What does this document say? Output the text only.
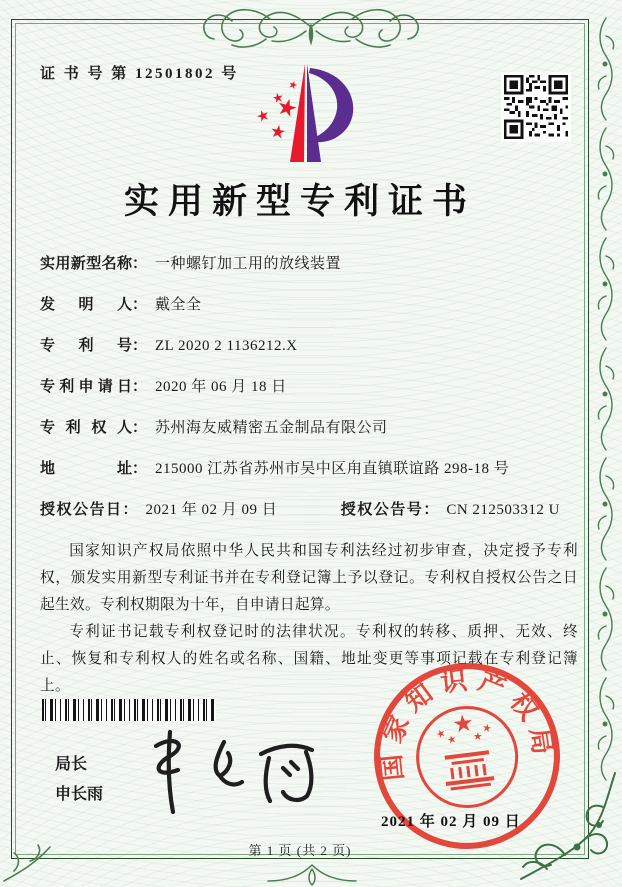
证 书 号 第 12501802 号
实用新型专利证书
实用新型名称： 一种螺钉加工用的放线装置
发明人： 戴全全
专利号： ZL 2020 2 1136212.X
专利申请日： 2020 年 06 月 18 日
专利权人： 苏州海友威精密五金制品有限公司
地址： 215000 江苏省苏州市吴中区甪直镇联谊路 298-18 号
授权公告日： 2021 年 02 月 09 日	授权公告号： CN 212503312 U

国家知识产权局依照中华人民共和国专利法经过初步审查，决定授予专利权，颁发实用新型专利证书并在专利登记簿上予以登记。专利权自授权公告之日起生效。专利权期限为十年，自申请日起算。

专利证书记载专利权登记时的法律状况。专利权的转移、质押、无效、终止、恢复和专利权人的姓名或名称、国籍、地址变更等事项记载在专利登记簿上。

局长
申长雨
国家知识产权局
2021 年 02 月 09 日
第 1 页 (共 2 页)
